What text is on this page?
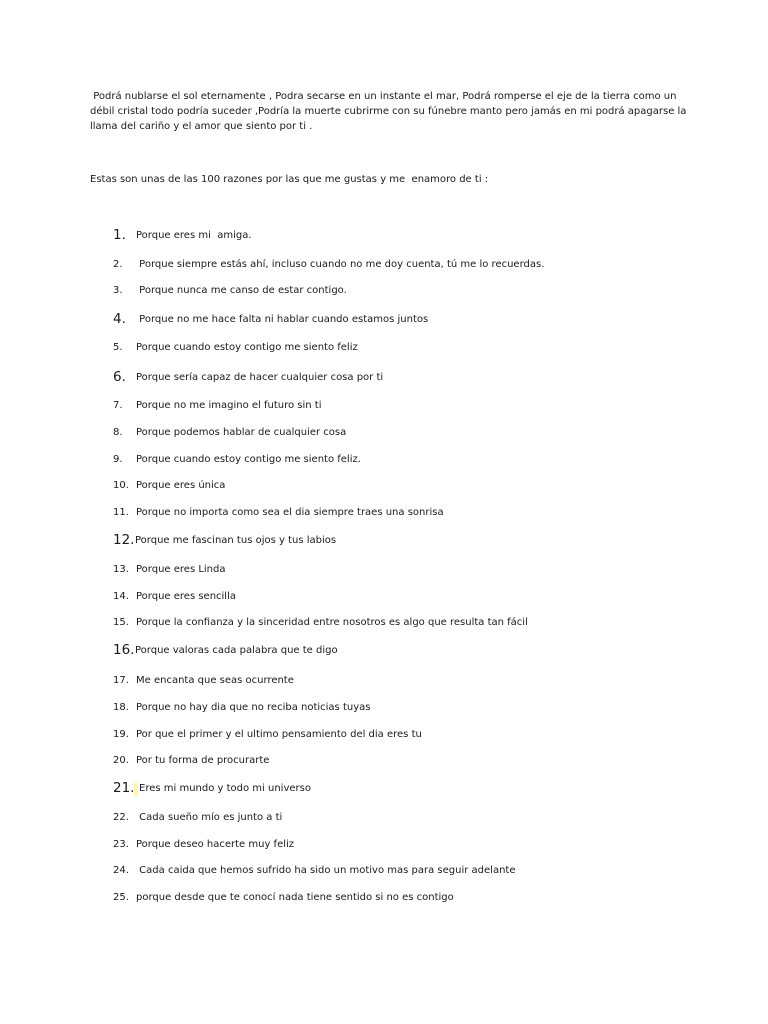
Podrá nublarse el sol eternamente , Podra secarse en un instante el mar, Podrá romperse el eje de la tierra como un débil cristal todo podría suceder ,Podría la muerte cubrirme con su fúnebre manto pero jamás en mi podrá apagarse la llama del cariño y el amor que siento por ti .
Estas son unas de las 100 razones por las que me gustas y me  enamoro de ti :
1. Porque eres mi  amiga.
2. Porque siempre estás ahí, incluso cuando no me doy cuenta, tú me lo recuerdas.
3. Porque nunca me canso de estar contigo.
4. Porque no me hace falta ni hablar cuando estamos juntos
5. Porque cuando estoy contigo me siento feliz
6. Porque sería capaz de hacer cualquier cosa por ti
7. Porque no me imagino el futuro sin ti
8. Porque podemos hablar de cualquier cosa
9. Porque cuando estoy contigo me siento feliz.
10. Porque eres única
11. Porque no importa como sea el dia siempre traes una sonrisa
12. Porque me fascinan tus ojos y tus labios
13. Porque eres Linda
14. Porque eres sencilla
15. Porque la confianza y la sinceridad entre nosotros es algo que resulta tan fácil
16. Porque valoras cada palabra que te digo
17. Me encanta que seas ocurrente
18. Porque no hay dia que no reciba noticias tuyas
19. Por que el primer y el ultimo pensamiento del dia eres tu
20. Por tu forma de procurarte
21. Eres mi mundo y todo mi universo
22. Cada sueño mío es junto a ti
23. Porque deseo hacerte muy feliz
24. Cada caida que hemos sufrido ha sido un motivo mas para seguir adelante
25. porque desde que te conocí nada tiene sentido si no es contigo
